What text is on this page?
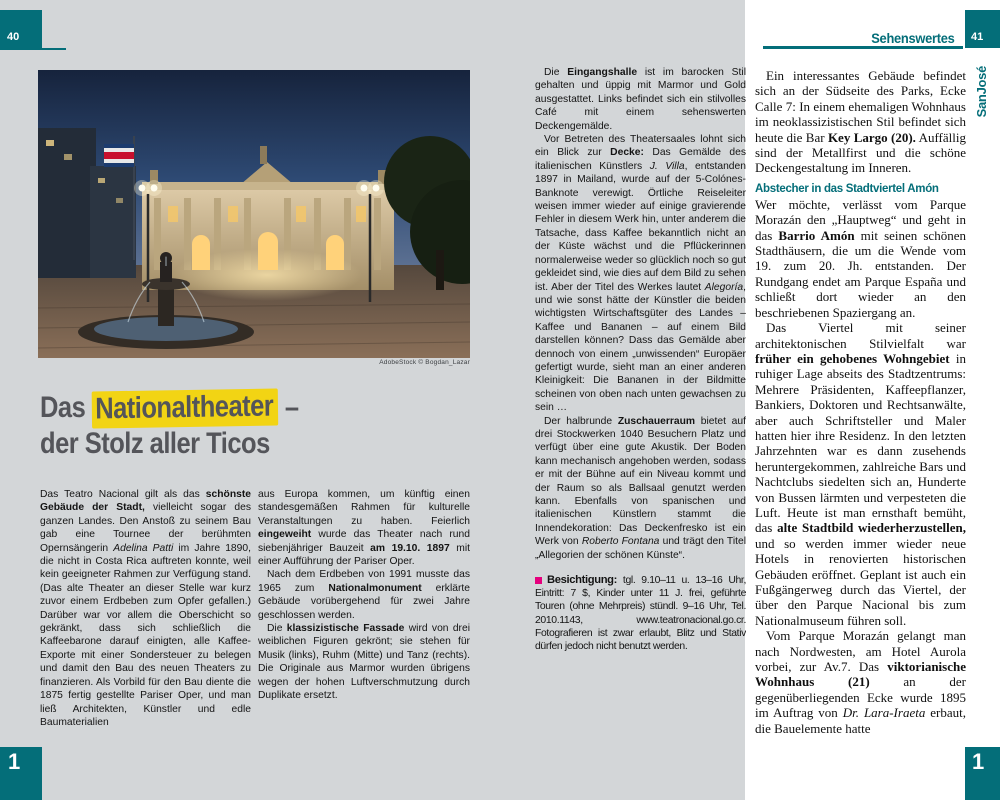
40	Sehenswertes	41
SanJosé
AdobeStock © Bogdan_Lazar
Das Nationaltheater –
der Stolz aller Ticos

Das Teatro Nacional gilt als das schönste Gebäude der Stadt, vielleicht sogar des ganzen Landes. Den Anstoß zu seinem Bau gab eine Tournee der berühmten Opernsängerin Adelina Patti im Jahre 1890, die nicht in Costa Rica auftreten konnte, weil kein geeigneter Rahmen zur Verfügung stand. (Das alte Theater an dieser Stelle war kurz zuvor einem Erdbeben zum Opfer gefallen.) Darüber war vor allem die Oberschicht so gekränkt, dass sich schließlich die Kaffeebarone darauf einigten, alle Kaffee-Exporte mit einer Sondersteuer zu belegen und damit den Bau des neuen Theaters zu finanzieren. Als Vorbild für den Bau diente die 1875 fertig gestellte Pariser Oper, und man ließ Architekten, Künstler und edle Baumaterialien

aus Europa kommen, um künftig einen standesgemäßen Rahmen für kulturelle Veranstaltungen zu haben. Feierlich eingeweiht wurde das Theater nach rund siebenjähriger Bauzeit am 19.10. 1897 mit einer Aufführung der Pariser Oper.

Nach dem Erdbeben von 1991 musste das 1965 zum Nationalmonument erklärte Gebäude vorübergehend für zwei Jahre geschlossen werden.

Die klassizistische Fassade wird von drei weiblichen Figuren gekrönt; sie stehen für Musik (links), Ruhm (Mitte) und Tanz (rechts). Die Originale aus Marmor wurden übrigens wegen der hohen Luftverschmutzung durch Duplikate ersetzt.

Die Eingangshalle ist im barocken Stil gehalten und üppig mit Marmor und Gold ausgestattet. Links befindet sich ein stilvolles Café mit einem sehenswerten Deckengemälde.

Vor Betreten des Theatersaales lohnt sich ein Blick zur Decke: Das Gemälde des italienischen Künstlers J. Villa, entstanden 1897 in Mailand, wurde auf der 5-Colónes-Banknote verewigt. Örtliche Reiseleiter weisen immer wieder auf einige gravierende Fehler in diesem Werk hin, unter anderem die Tatsache, dass Kaffee bekanntlich nicht an der Küste wächst und die Pflückerinnen normalerweise weder so glücklich noch so gut gekleidet sind, wie dies auf dem Bild zu sehen ist. Aber der Titel des Werkes lautet Alegoría, und wie sonst hätte der Künstler die beiden wichtigsten Wirtschaftsgüter des Landes – Kaffee und Bananen – auf einem Bild darstellen können? Dass das Gemälde aber dennoch von einem „unwissenden“ Europäer gefertigt wurde, sieht man an einer anderen Kleinigkeit: Die Bananen in der Bildmitte scheinen von oben nach unten gewachsen zu sein …

Der halbrunde Zuschauerraum bietet auf drei Stockwerken 1040 Besuchern Platz und verfügt über eine gute Akustik. Der Boden kann mechanisch angehoben werden, sodass er mit der Bühne auf ein Niveau kommt und der Raum so als Ballsaal genutzt werden kann. Ebenfalls von spanischen und italienischen Künstlern stammt die Innendekoration: Das Deckenfresko ist ein Werk von Roberto Fontana und trägt den Titel „Allegorien der schönen Künste“.

Besichtigung: tgl. 9.10–11 u. 13–16 Uhr, Eintritt: 7 $, Kinder unter 11 J. frei, geführte Touren (ohne Mehrpreis) stündl. 9–16 Uhr, Tel. 2010.1143, www.teatronacional.go.cr. Fotografieren ist zwar erlaubt, Blitz und Stativ dürfen jedoch nicht benutzt werden.

Ein interessantes Gebäude befindet sich an der Südseite des Parks, Ecke Calle 7: In einem ehemaligen Wohnhaus im neoklassizistischen Stil befindet sich heute die Bar Key Largo (20). Auffällig sind der Metallfirst und die schöne Deckengestaltung im Inneren.

Abstecher in das Stadtviertel Amón

Wer möchte, verlässt vom Parque Morazán den „Hauptweg“ und geht in das Barrio Amón mit seinen schönen Stadthäusern, die um die Wende vom 19. zum 20. Jh. entstanden. Der Rundgang endet am Parque España und schließt dort wieder an den beschriebenen Spaziergang an.

Das Viertel mit seiner architektonischen Stilvielfalt war früher ein gehobenes Wohngebiet in ruhiger Lage abseits des Stadtzentrums: Mehrere Präsidenten, Kaffeepflanzer, Bankiers, Doktoren und Rechtsanwälte, aber auch Schriftsteller und Maler hatten hier ihre Residenz. In den letzten Jahrzehnten war es dann zusehends heruntergekommen, zahlreiche Bars und Nachtclubs siedelten sich an, Hunderte von Bussen lärmten und verpesteten die Luft. Heute ist man ernsthaft bemüht, das alte Stadtbild wiederherzustellen, und so werden immer wieder neue Hotels in renovierten historischen Gebäuden eröffnet. Geplant ist auch ein Fußgängerweg durch das Viertel, der über den Parque Nacional bis zum Nationalmuseum führen soll.

Vom Parque Morazán gelangt man nach Nordwesten, am Hotel Aurola vorbei, zur Av.7. Das viktorianische Wohnhaus (21) an der gegenüberliegenden Ecke wurde 1895 im Auftrag von Dr. Lara-Iraeta erbaut, die Bauelemente hatte

1	1
